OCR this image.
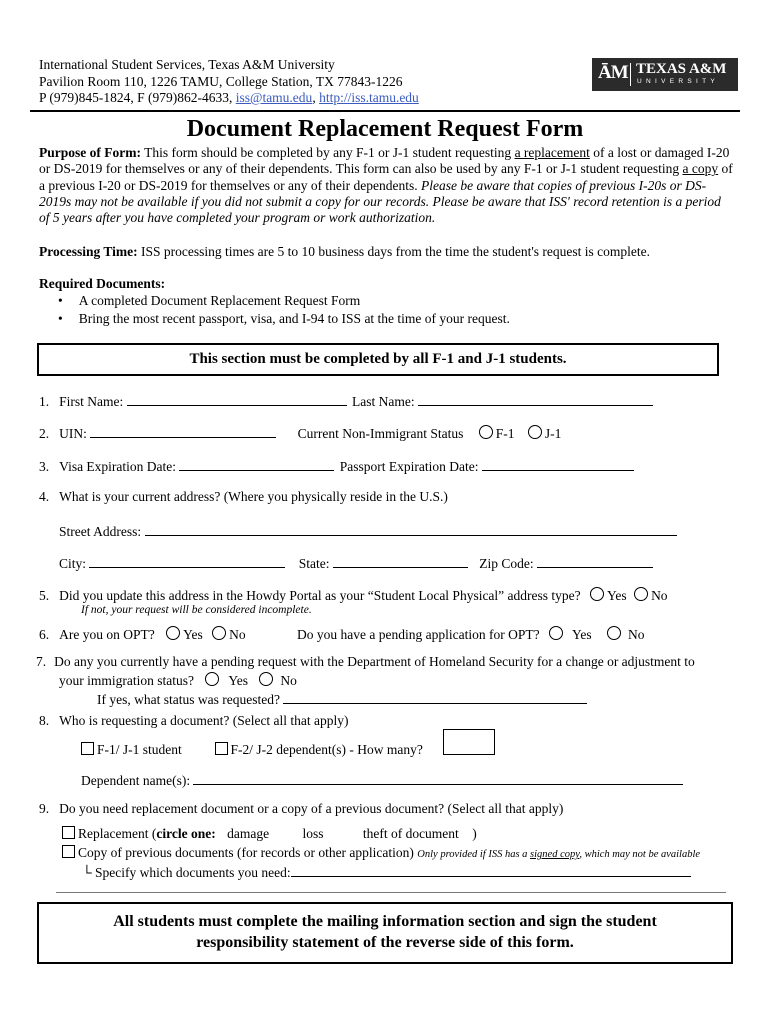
International Student Services, Texas A&M University
Pavilion Room 110, 1226 TAMU, College Station, TX 77843-1226
P (979)845-1824, F (979)862-4633, iss@tamu.edu, http://iss.tamu.edu
ĀM TEXAS A&M
UNIVERSITY
Document Replacement Request Form
Purpose of Form: This form should be completed by any F-1 or J-1 student requesting a replacement of a lost or damaged I-20 or DS-2019 for themselves or any of their dependents. This form can also be used by any F-1 or J-1 student requesting a copy of a previous I-20 or DS-2019 for themselves or any of their dependents. Please be aware that copies of previous I-20s or DS-2019s may not be available if you did not submit a copy for our records. Please be aware that ISS' record retention is a period of 5 years after you have completed your program or work authorization.
Processing Time: ISS processing times are 5 to 10 business days from the time the student's request is complete.
Required Documents:
• A completed Document Replacement Request Form
• Bring the most recent passport, visa, and I-94 to ISS at the time of your request.
This section must be completed by all F-1 and J-1 students.
1. First Name:	Last Name:
2. UIN:	Current Non-Immigrant Status F-1 J-1
3. Visa Expiration Date:	Passport Expiration Date:
4. What is your current address? (Where you physically reside in the U.S.)
Street Address:
City:	State:	Zip Code:
5. Did you update this address in the Howdy Portal as your “Student Local Physical” address type? Yes No
If not, your request will be considered incomplete.
6. Are you on OPT? Yes No	Do you have a pending application for OPT? Yes	No
7. Do any you currently have a pending request with the Department of Homeland Security for a change or adjustment to
your immigration status?	Yes No
If yes, what status was requested?
8. Who is requesting a document? (Select all that apply)
F-1/ J-1 student	F-2/ J-2 dependent(s) - How many?
Dependent name(s):
9. Do you need replacement document or a copy of a previous document? (Select all that apply)
Replacement (circle one: damage loss	theft of document )
Copy of previous documents (for records or other application) Only provided if ISS has a signed copy, which may not be available
└ Specify which documents you need:
All students must complete the mailing information section and sign the student
responsibility statement of the reverse side of this form.
